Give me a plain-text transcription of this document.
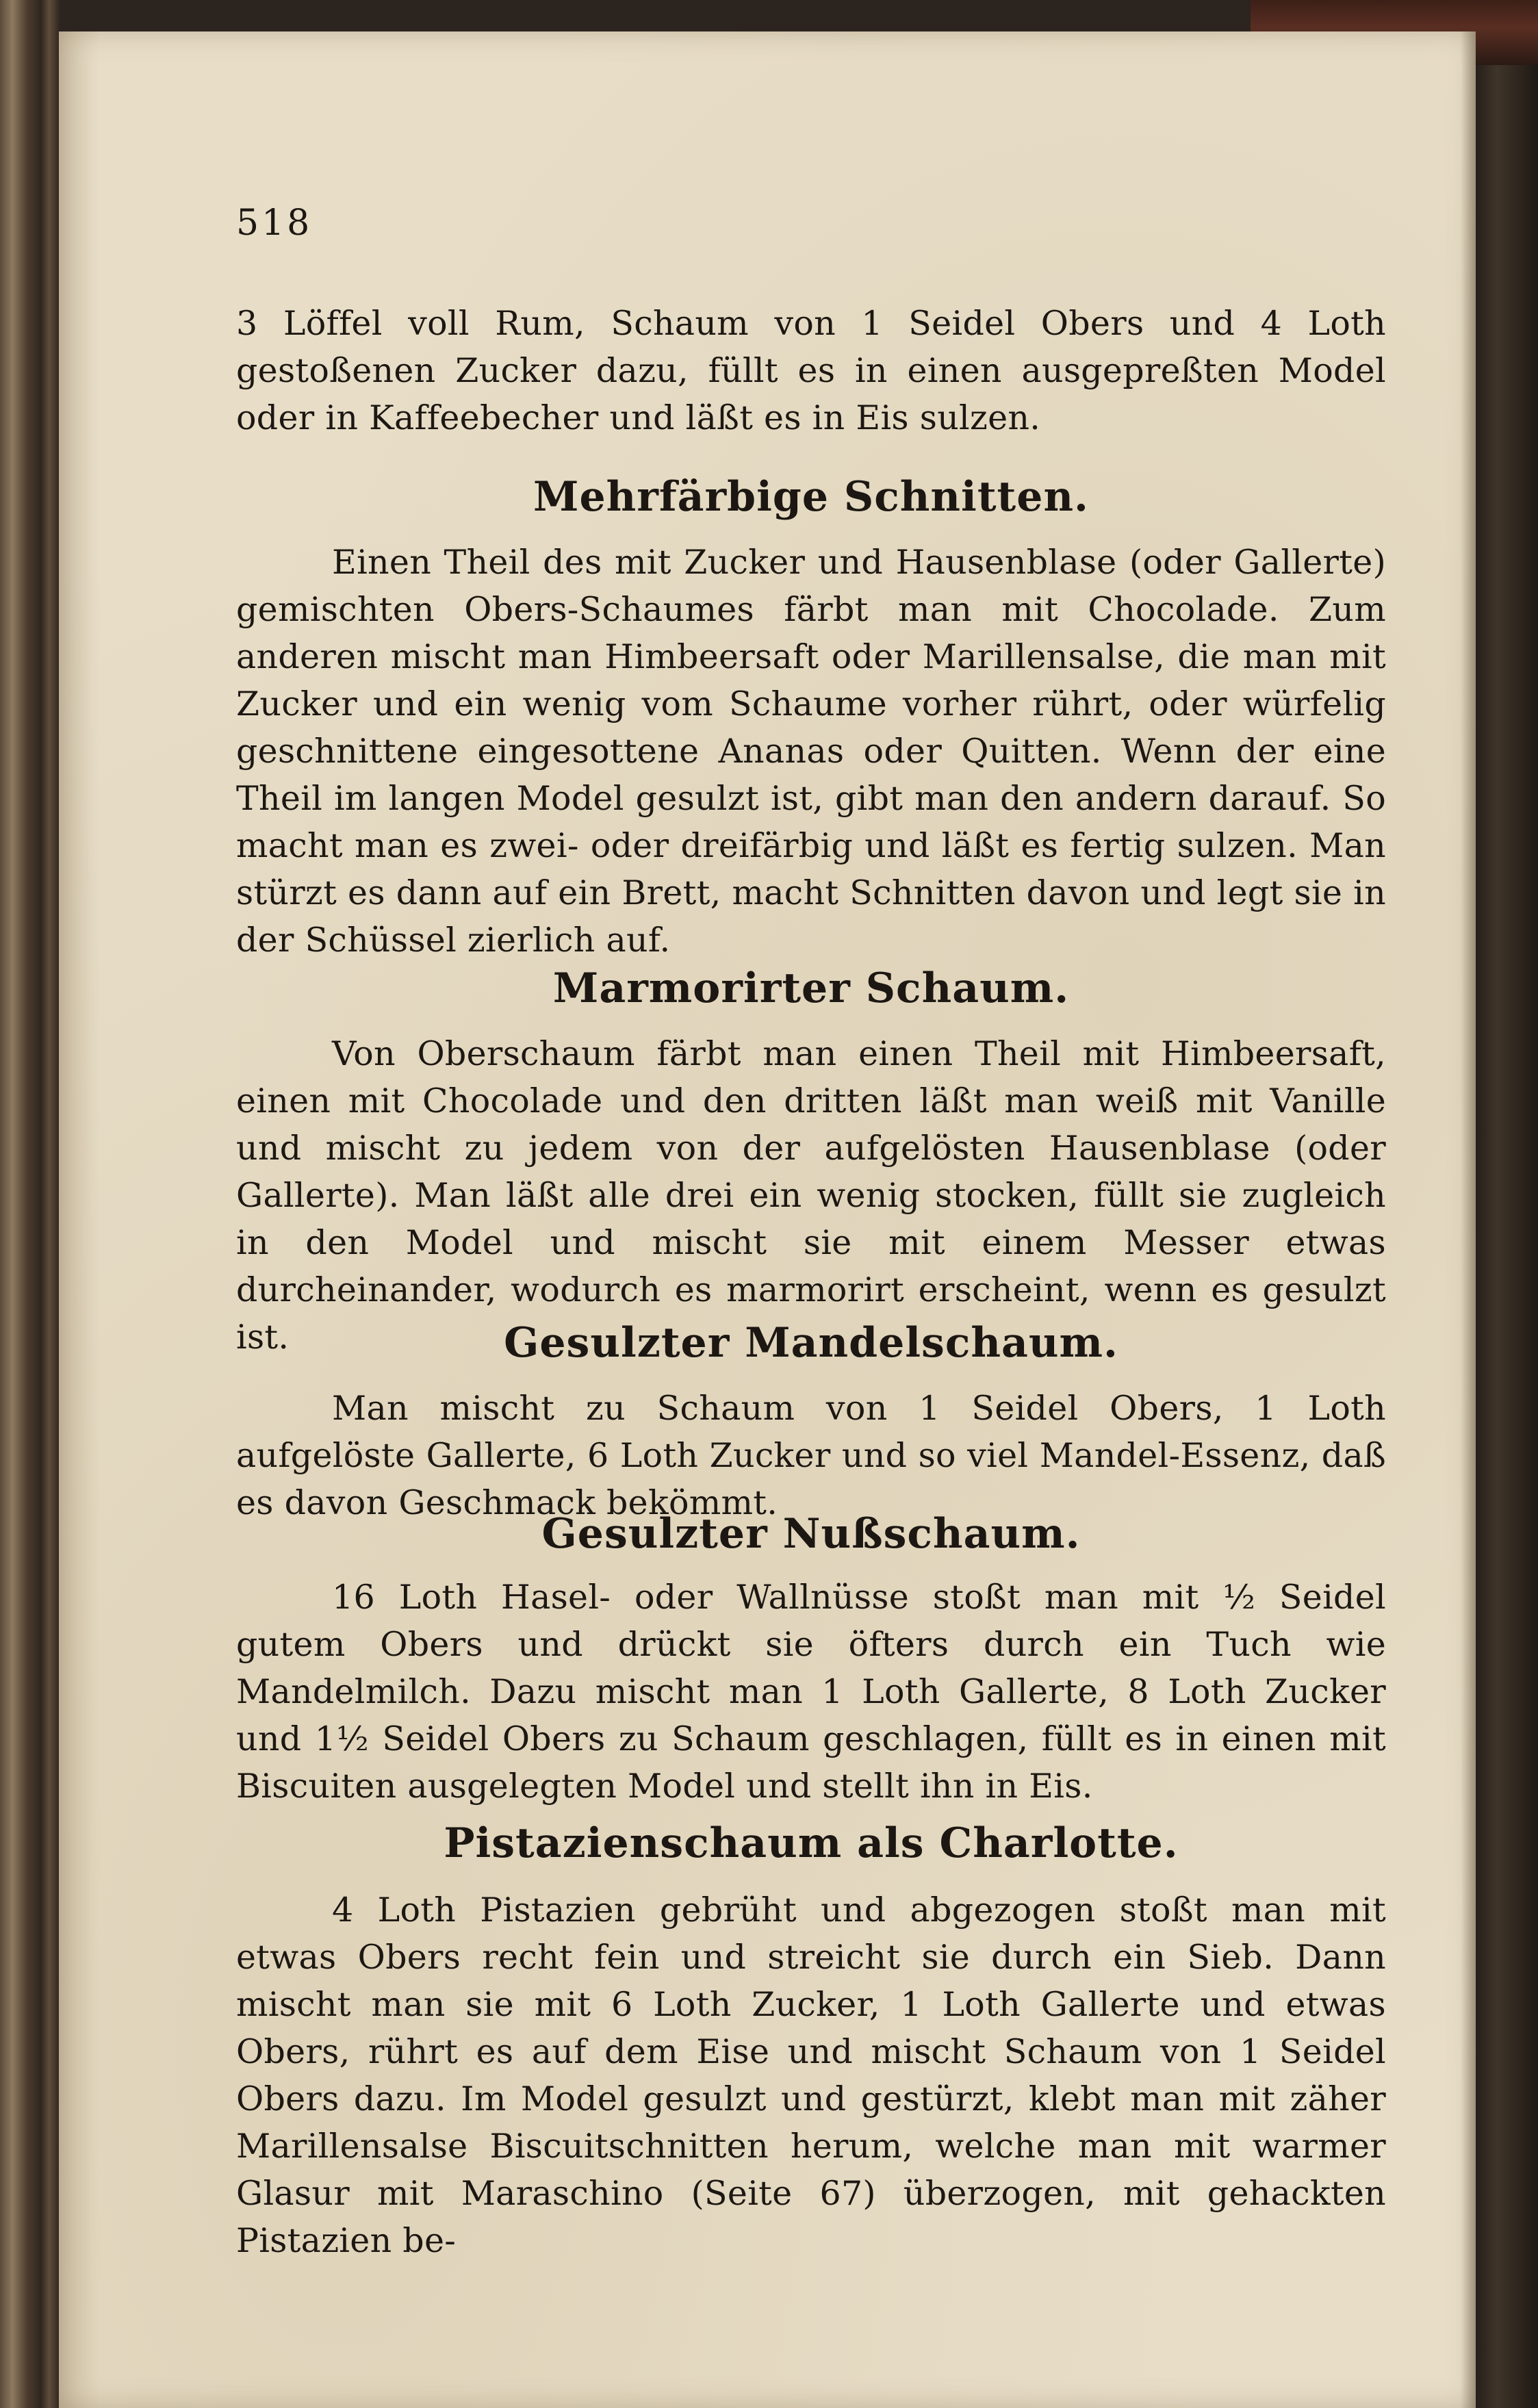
518

3 Löffel voll Rum, Schaum von 1 Seidel Obers und 4 Loth gestoßenen Zucker dazu, füllt es in einen ausgepreßten Model oder in Kaffeebecher und läßt es in Eis sulzen.

Mehrfärbige Schnitten.

Einen Theil des mit Zucker und Hausenblase (oder Gallerte) gemischten Obers-Schaumes färbt man mit Chocolade. Zum anderen mischt man Himbeersaft oder Marillensalse, die man mit Zucker und ein wenig vom Schaume vorher rührt, oder würfelig geschnittene eingesottene Ananas oder Quitten. Wenn der eine Theil im langen Model gesulzt ist, gibt man den andern darauf. So macht man es zwei- oder dreifärbig und läßt es fertig sulzen. Man stürzt es dann auf ein Brett, macht Schnitten davon und legt sie in der Schüssel zierlich auf.

Marmorirter Schaum.

Von Oberschaum färbt man einen Theil mit Himbeersaft, einen mit Chocolade und den dritten läßt man weiß mit Vanille und mischt zu jedem von der aufgelösten Hausenblase (oder Gallerte). Man läßt alle drei ein wenig stocken, füllt sie zugleich in den Model und mischt sie mit einem Messer etwas durcheinander, wodurch es marmorirt erscheint, wenn es gesulzt ist.	Gesulzter Mandelschaum.

Man mischt zu Schaum von 1 Seidel Obers, 1 Loth aufgelöste Gallerte, 6 Loth Zucker und so viel Mandel-Essenz, daß es davon Geschmack bekömmt.

Gesulzter Nußschaum.

16 Loth Hasel- oder Wallnüsse stoßt man mit ½ Seidel gutem Obers und drückt sie öfters durch ein Tuch wie Mandelmilch. Dazu mischt man 1 Loth Gallerte, 8 Loth Zucker und 1½ Seidel Obers zu Schaum geschlagen, füllt es in einen mit Biscuiten ausgelegten Model und stellt ihn in Eis.

Pistazienschaum als Charlotte.

4 Loth Pistazien gebrüht und abgezogen stoßt man mit etwas Obers recht fein und streicht sie durch ein Sieb. Dann mischt man sie mit 6 Loth Zucker, 1 Loth Gallerte und etwas Obers, rührt es auf dem Eise und mischt Schaum von 1 Seidel Obers dazu. Im Model gesulzt und gestürzt, klebt man mit zäher Marillensalse Biscuitschnitten herum, welche man mit warmer Glasur mit Maraschino (Seite 67) überzogen, mit gehackten Pistazien be-
